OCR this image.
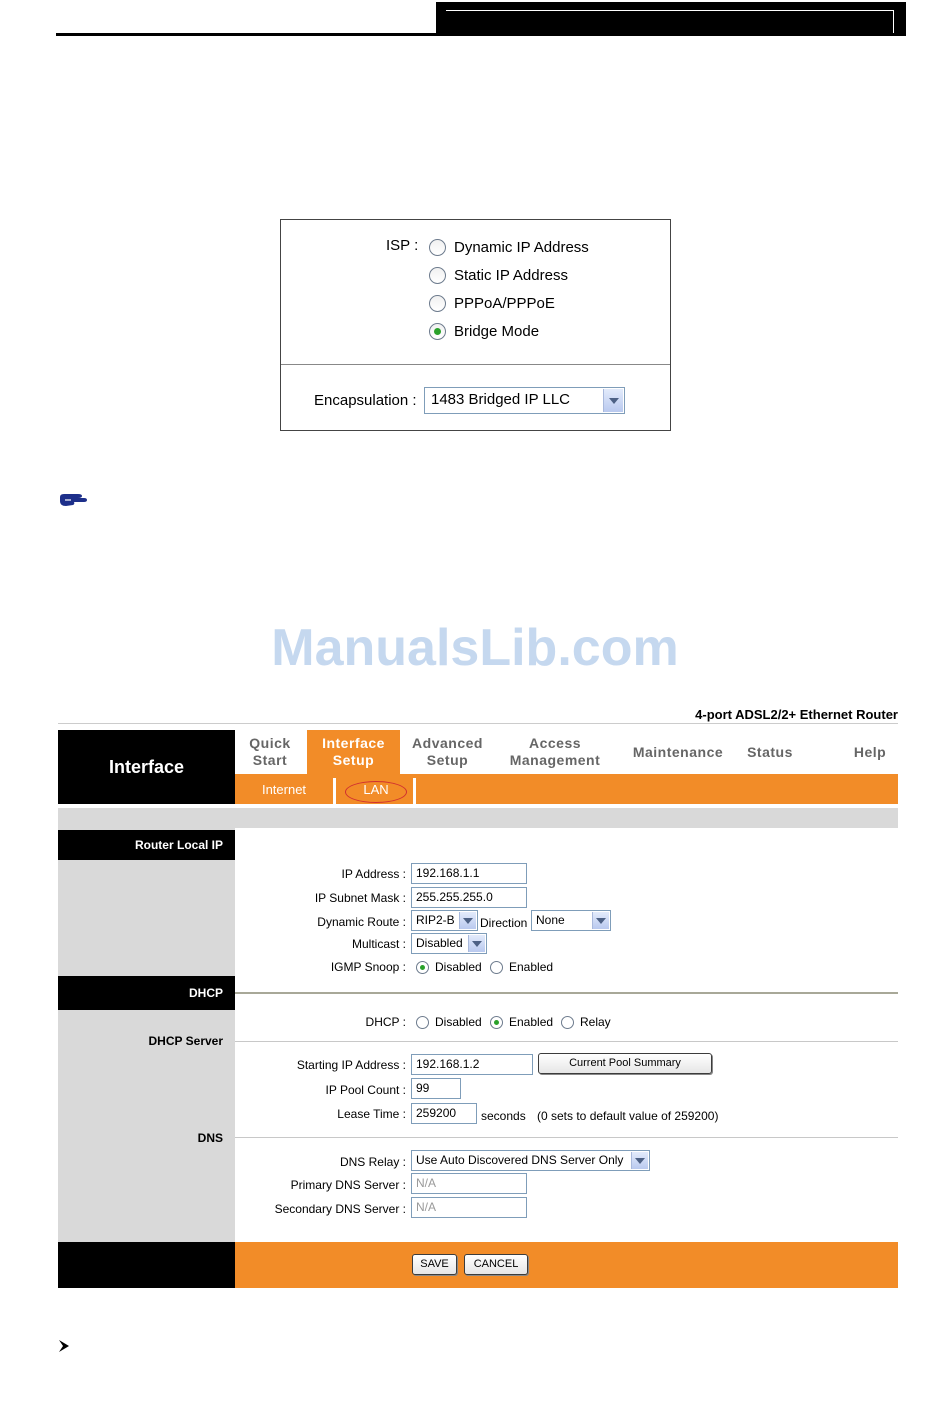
ISP : Dynamic IP Address
Static IP Address
PPPoA/PPPoE
Bridge Mode
Encapsulation : 1483 Bridged IP LLC
ManualsLib.com
4-port ADSL2/2+ Ethernet Router
Interface
Quick
Start
Interface
Setup
Advanced
Setup
Access
Management
Maintenance Status	Help
Internet	LAN
Router Local IP
DHCP
DHCP Server
DNS
IP Address : 192.168.1.1
IP Subnet Mask : 255.255.255.0
Dynamic Route : RIP2-B	Direction None
Multicast : Disabled
IGMP Snoop : Disabled Enabled
DHCP : Disabled Enabled Relay
Starting IP Address : 192.168.1.2	Current Pool Summary
IP Pool Count : 99
Lease Time : 259200	seconds (0 sets to default value of 259200)
DNS Relay : Use Auto Discovered DNS Server Only
Primary DNS Server : N/A
Secondary DNS Server : N/A
SAVE	CANCEL
